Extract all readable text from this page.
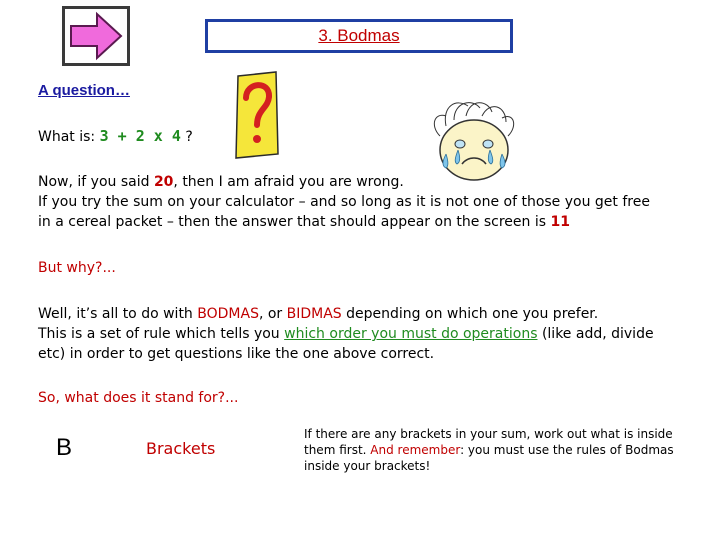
3. Bodmas
A question…
What is: 3 + 2 x 4 ?
Now, if you said 20, then I am afraid you are wrong.
If you try the sum on your calculator – and so long as it is not one of those you get free
in a cereal packet – then the answer that should appear on the screen is 11
But why?...
Well, it’s all to do with BODMAS, or BIDMAS depending on which one you prefer.
This is a set of rule which tells you which order you must do operations (like add, divide
etc) in order to get questions like the one above correct.
So, what does it stand for?...
B	Brackets
If there are any brackets in your sum, work out what is inside them first. And remember: you must use the rules of Bodmas inside your brackets!
